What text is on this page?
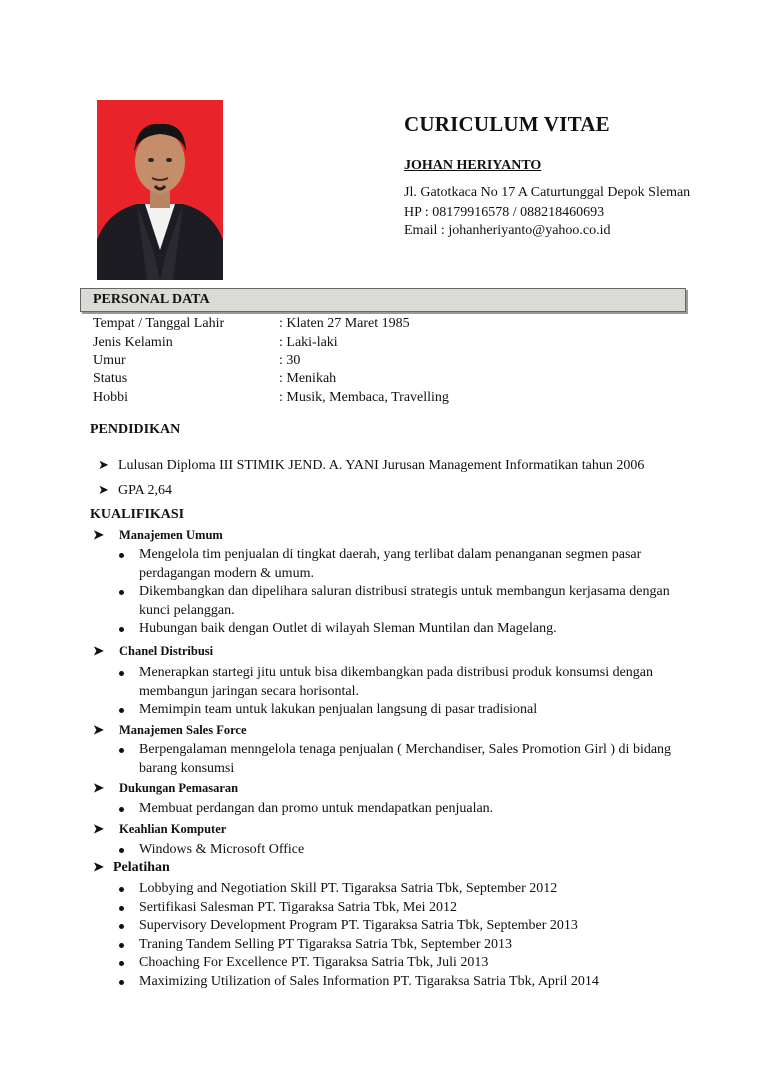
CURICULUM VITAE
JOHAN HERIYANTO
Jl. Gatotkaca No 17 A Caturtunggal Depok Sleman
HP : 08179916578 / 088218460693
Email : johanheriyanto@yahoo.co.id
PERSONAL DATA
Tempat / Tanggal Lahir	: Klaten 27 Maret 1985
Jenis Kelamin	: Laki-laki
Umur	: 30
Status	: Menikah
Hobbi	: Musik, Membaca, Travelling
PENDIDIKAN
➤ Lulusan Diploma III STIMIK JEND. A. YANI Jurusan Management Informatikan tahun 2006
➤ GPA 2,64
KUALIFIKASI
➤ Manajemen Umum
Mengelola tim penjualan di tingkat daerah, yang terlibat dalam penanganan segmen pasar perdagangan modern & umum.
Dikembangkan dan dipelihara saluran distribusi strategis untuk membangun kerjasama dengan kunci pelanggan.
Hubungan baik dengan Outlet di wilayah Sleman Muntilan dan Magelang.
➤ Chanel Distribusi
Menerapkan startegi jitu untuk bisa dikembangkan pada distribusi produk konsumsi dengan membangun jaringan secara horisontal.
Memimpin team untuk lakukan penjualan langsung di pasar tradisional
➤ Manajemen Sales Force
Berpengalaman menngelola tenaga penjualan ( Merchandiser, Sales Promotion Girl ) di bidang barang konsumsi
➤ Dukungan Pemasaran
Membuat perdangan dan promo untuk mendapatkan penjualan.
➤ Keahlian Komputer
Windows & Microsoft Office
➤ Pelatihan
Lobbying and Negotiation Skill PT. Tigaraksa Satria Tbk, September 2012
Sertifikasi Salesman PT. Tigaraksa Satria Tbk, Mei 2012
Supervisory Development Program PT. Tigaraksa Satria Tbk, September 2013
Traning Tandem Selling PT Tigaraksa Satria Tbk, September 2013
Choaching For Excellence PT. Tigaraksa Satria Tbk, Juli 2013
Maximizing Utilization of Sales Information PT. Tigaraksa Satria Tbk, April 2014
